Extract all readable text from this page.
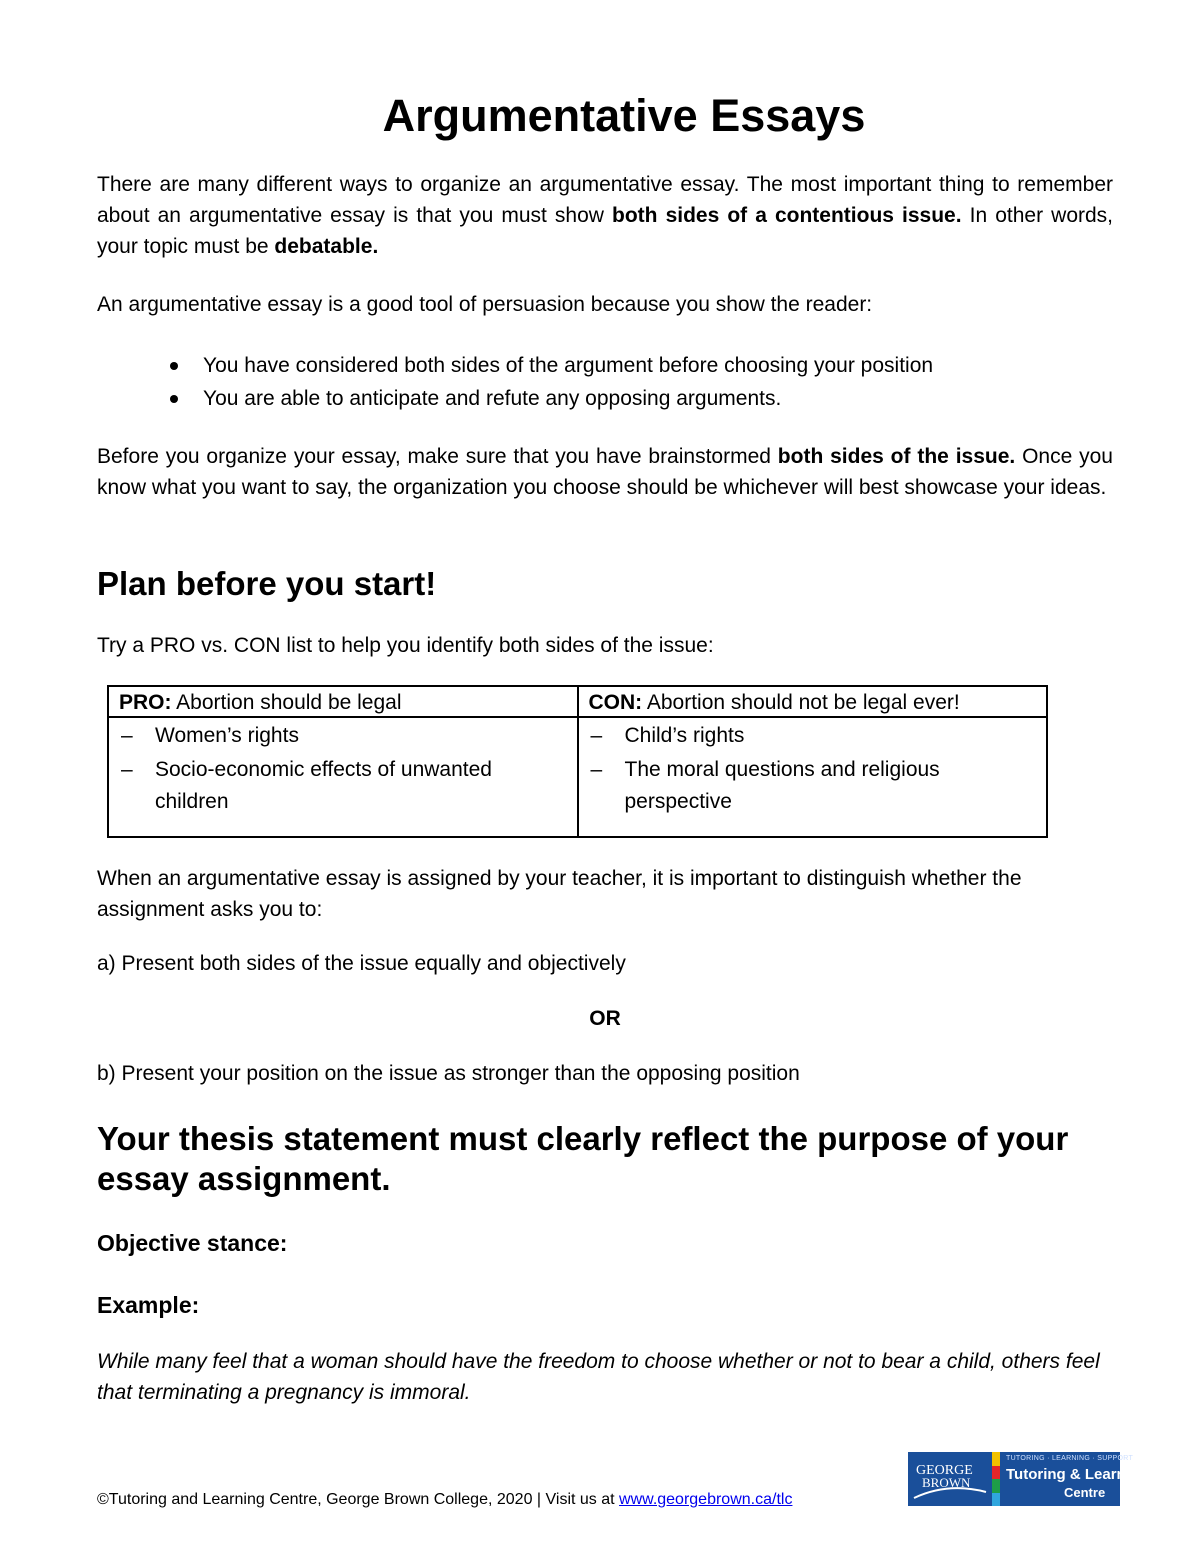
Argumentative Essays

There are many different ways to organize an argumentative essay. The most important thing to remember about an argumentative essay is that you must show both sides of a contentious issue. In other words, your topic must be debatable.

An argumentative essay is a good tool of persuasion because you show the reader:

You have considered both sides of the argument before choosing your position
You are able to anticipate and refute any opposing arguments.

Before you organize your essay, make sure that you have brainstormed both sides of the issue. Once you know what you want to say, the organization you choose should be whichever will best showcase your ideas.

Plan before you start!

Try a PRO vs. CON list to help you identify both sides of the issue:

PRO: Abortion should be legal
– Women’s rights
– Socio-economic effects of unwanted children
CON: Abortion should not be legal ever!
– Child’s rights
– The moral questions and religious perspective

When an argumentative essay is assigned by your teacher, it is important to distinguish whether the assignment asks you to:

a) Present both sides of the issue equally and objectively

OR

b) Present your position on the issue as stronger than the opposing position

Your thesis statement must clearly reflect the purpose of your essay assignment.
Objective stance:
Example:

While many feel that a woman should have the freedom to choose whether or not to bear a child, others feel that terminating a pregnancy is immoral.

©Tutoring and Learning Centre, George Brown College, 2020 | Visit us at www.georgebrown.ca/tlc

GEORGE
BROWN
TUTORING · LEARNING · SUPPORT
Tutoring & Learning
Centre
